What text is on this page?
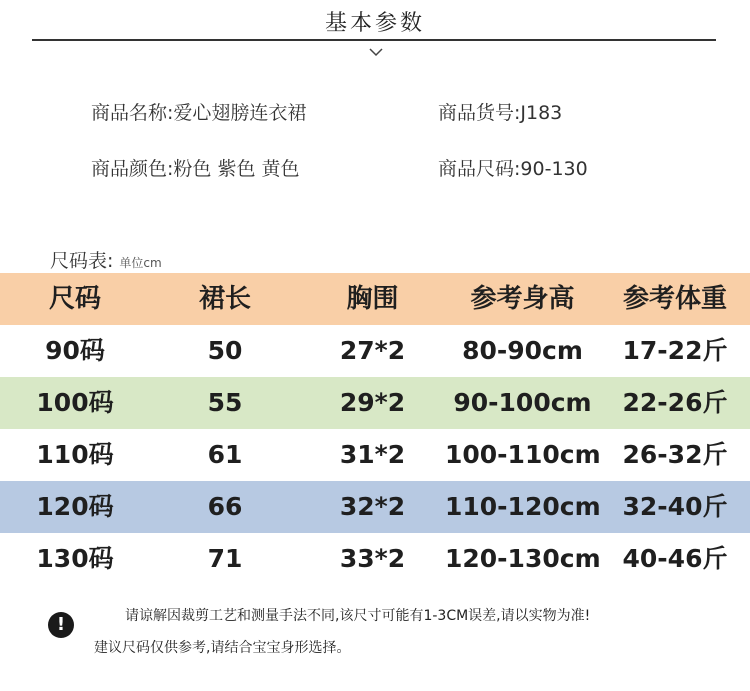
基本参数
商品名称:爱心翅膀连衣裙	商品货号:J183
商品颜色:粉色 紫色 黄色	商品尺码:90-130
尺码表: 单位cm
尺码	裙长	胸围	参考身高	参考体重
90码	50	27*2	80-90cm	17-22斤
100码	55	29*2	90-100cm	22-26斤
110码	61	31*2	100-110cm 26-32斤
120码	66	32*2	110-120cm 32-40斤
130码	71	33*2	120-130cm 40-46斤
!	请谅解因裁剪工艺和测量手法不同,该尺寸可能有1-3CM误差,请以实物为准!
建议尺码仅供参考,请结合宝宝身形选择。
